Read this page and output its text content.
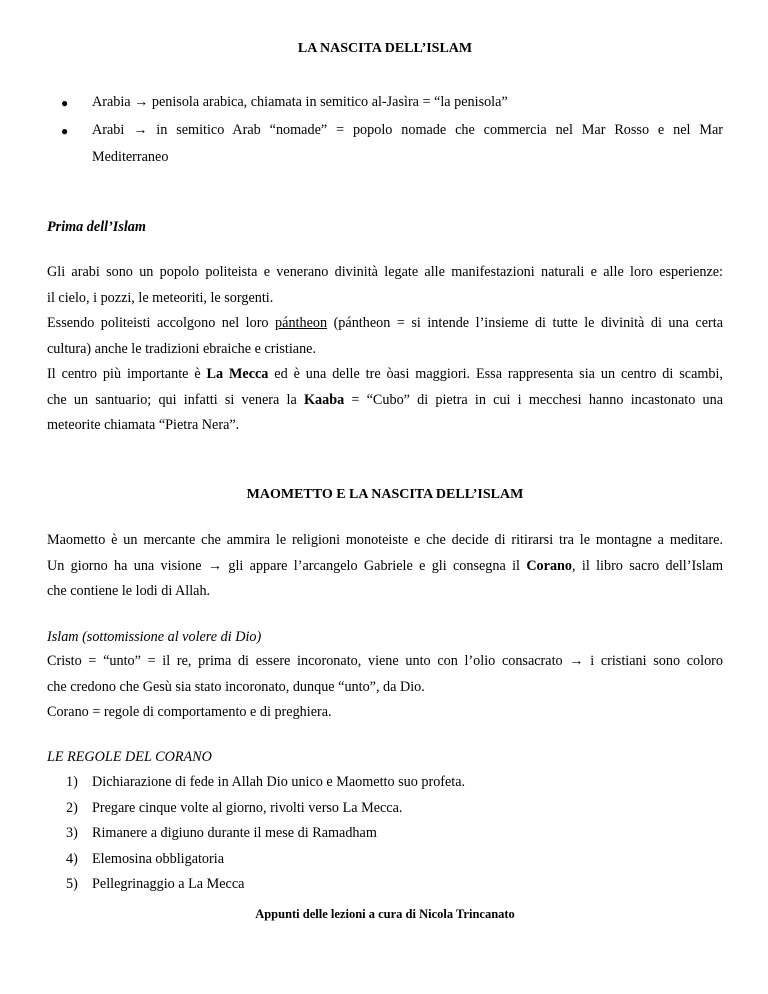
LA NASCITA DELL’ISLAM
● Arabia → penisola arabica, chiamata in semitico al-Jasìra = “la penisola”
● Arabi → in semitico Arab “nomade” = popolo nomade che commercia nel Mar Rosso e nel Mar
Mediterraneo
Prima dell’Islam
Gli arabi sono un popolo politeista e venerano divinità legate alle manifestazioni naturali e alle loro esperienze:
il cielo, i pozzi, le meteoriti, le sorgenti.
Essendo politeisti accolgono nel loro pántheon (pántheon = si intende l’insieme di tutte le divinità di una certa
cultura) anche le tradizioni ebraiche e cristiane.
Il centro più importante è La Mecca ed è una delle tre òasi maggiori. Essa rappresenta sia un centro di scambi,
che un santuario; qui infatti si venera la Kaaba = “Cubo” di pietra in cui i mecchesi hanno incastonato una
meteorite chiamata “Pietra Nera”.
MAOMETTO E LA NASCITA DELL’ISLAM
Maometto è un mercante che ammira le religioni monoteiste e che decide di ritirarsi tra le montagne a meditare.
Un giorno ha una visione → gli appare l’arcangelo Gabriele e gli consegna il Corano, il libro sacro dell’Islam
che contiene le lodi di Allah.
Islam (sottomissione al volere di Dio)
Cristo = “unto” = il re, prima di essere incoronato, viene unto con l’olio consacrato → i cristiani sono coloro
che credono che Gesù sia stato incoronato, dunque “unto”, da Dio.
Corano = regole di comportamento e di preghiera.
LE REGOLE DEL CORANO
1) Dichiarazione di fede in Allah Dio unico e Maometto suo profeta.
2) Pregare cinque volte al giorno, rivolti verso La Mecca.
3) Rimanere a digiuno durante il mese di Ramadham
4) Elemosina obbligatoria
5) Pellegrinaggio a La Mecca
Appunti delle lezioni a cura di Nicola Trincanato
